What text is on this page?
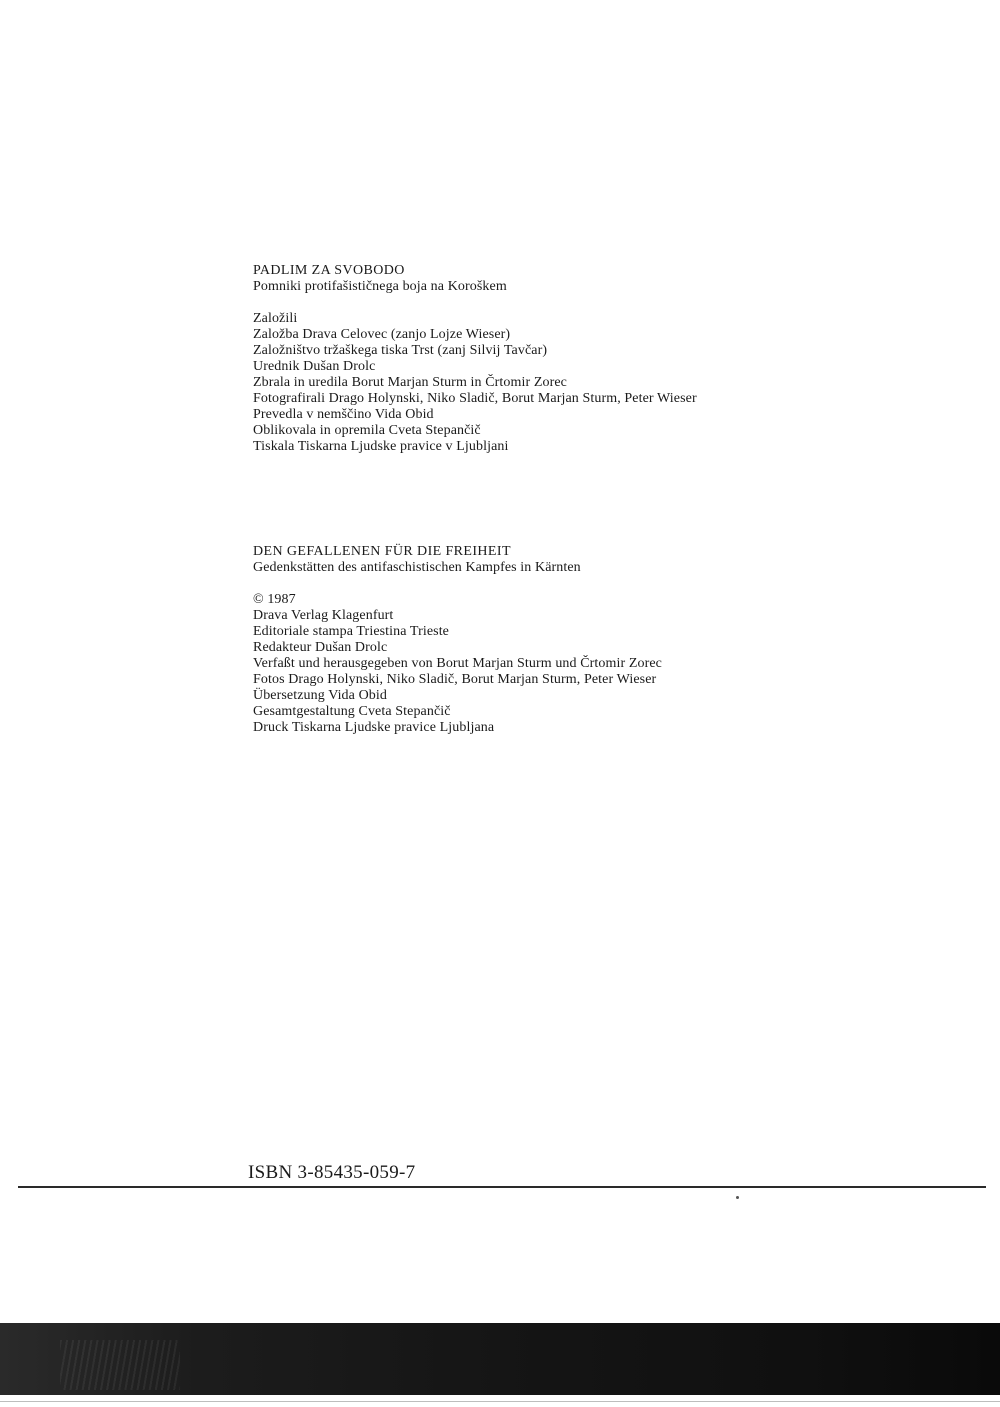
PADLIM ZA SVOBODO
Pomniki protifašističnega boja na Koroškem
Založili
Založba Drava Celovec (zanjo Lojze Wieser)
Založništvo tržaškega tiska Trst (zanj Silvij Tavčar)
Urednik Dušan Drolc
Zbrala in uredila Borut Marjan Sturm in Črtomir Zorec
Fotografirali Drago Holynski, Niko Sladič, Borut Marjan Sturm, Peter Wieser
Prevedla v nemščino Vida Obid
Oblikovala in opremila Cveta Stepančič
Tiskala Tiskarna Ljudske pravice v Ljubljani
DEN GEFALLENEN FÜR DIE FREIHEIT
Gedenkstätten des antifaschistischen Kampfes in Kärnten
© 1987
Drava Verlag Klagenfurt
Editoriale stampa Triestina Trieste
Redakteur Dušan Drolc
Verfaßt und herausgegeben von Borut Marjan Sturm und Črtomir Zorec
Fotos Drago Holynski, Niko Sladič, Borut Marjan Sturm, Peter Wieser
Übersetzung Vida Obid
Gesamtgestaltung Cveta Stepančič
Druck Tiskarna Ljudske pravice Ljubljana
ISBN 3-85435-059-7
